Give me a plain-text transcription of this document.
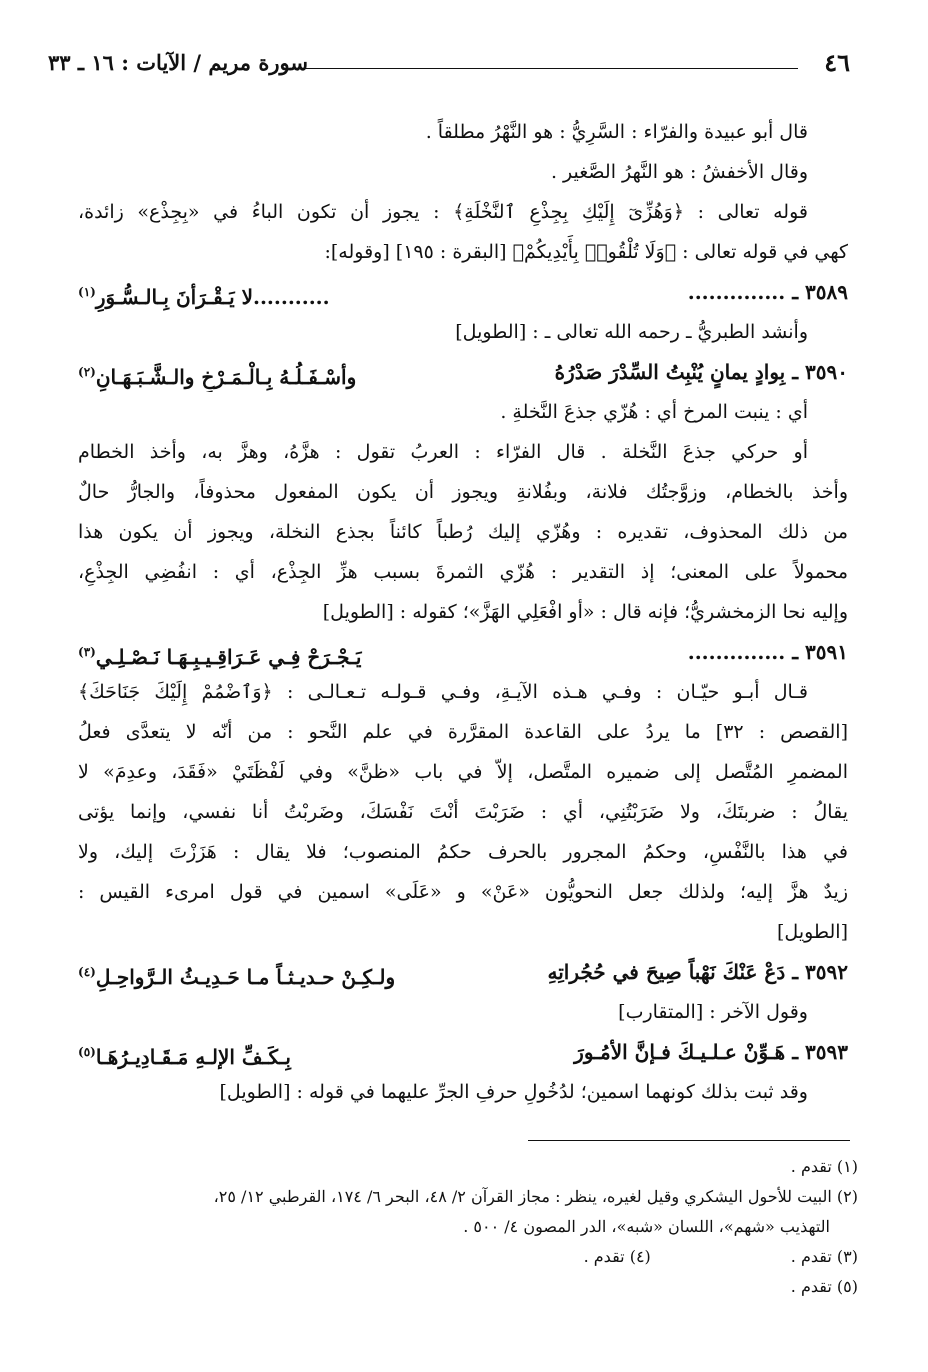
٤٦
سورة مريم / الآيات : ١٦ ـ ٣٣
قال أبو عبيدة والفرّاء : السَّرِيُّ : هو النَّهْرُ مطلقاً .
وقال الأخفشُ : هو النَّهرُ الصَّغير .
قوله تعالى : ﴿وَهُزِّىٓ إِلَيْكِ بِجِذْعِ ٱلنَّخْلَةِ﴾ : يجوز أن تكون الباءُ في «بِجِذْع» زائدة،
كهي في قوله تعالى : ﴿وَلَا تُلْقُوا۟ بِأَيْدِيكُمْ﴾ [البقرة : ١٩٥] [وقوله]:
٣٥٨٩ ـ ..............
...........لا يَـقْـرَأنَ بِـالـسُّـوَرِ$^{(١)}$
وأنشد الطبريُّ ـ رحمه الله تعالى ـ : [الطويل]
٣٥٩٠ ـ بِوادٍ يمانٍ يُنْبِتُ السِّدْرَ صَدْرُهُ
وأسْـفَـلُـهُ بِـالْـمَـرْخِ والـشَّـبَـهَـانِ$^{(٢)}$
أي : ينبت المرخ أي : هُزّي جذعَ النَّخلةِ .
أو حركي جذعَ النَّخلة . قال الفرّاء : العربُ تقول : هزَّهُ، وهزَّ به، وأخذ الخطام
وأخذ بالخطام، وزوَّجتُك فلانة، وبفُلانةِ ويجوز أن يكون المفعول محذوفاً، والجارُّ حالٌ
من ذلك المحذوف، تقديره : وهُزّي إليك رُطباً كائناً بجذع النخلة، ويجوز أن يكون هذا
محمولاً على المعنى؛ إذ التقدير : هُزّي الثمرةَ بسبب هزِّ الجِذْع، أي : انفُضِي الجِذْعِ،
وإليه نحا الزمخشريُّ؛ فإنه قال : «أو افْعَلِي الهَزَّ»؛ كقوله : [الطويل]
٣٥٩١ ـ ..............
يَـجْـرَحْ فِـي عَـرَاقِـيـبِـهَـا نَـصْـلِـي$^{(٣)}$
قـال أبـو حيّـان : وفـي هـذه الآيـةِ، وفـي قـولـه تـعـالـى : ﴿وَٱضْمُمْ إِلَيْكَ جَنَاحَكَ﴾
[القصص : ٣٢] ما يردُ على القاعدة المقرَّرة في علم النَّحو : من أنّه لا يتعدَّى فعلُ
المضمرِ المُتَّصل إلى ضميره المتَّصل، إلاّ في باب «ظنَّ» وفي لَفْظَتَيْ «فَقَدَ، وعدِمَ» لا
يقالُ : ضربتَكَ، ولا ضَرَبْتُنِي، أي : ضَرَبْتَ أنْتَ نَفْسَكَ، وضَربْتُ أنا نفسي، وإنما يؤتى
في هذا بالنَّفْسِ، وحكمُ المجرور بالحرف حكمُ المنصوب؛ فلا يقال : هَزَزْتَ إليك، ولا
زيدٌ هزَّ إليه؛ ولذلك جعل النحويُّون «عَنْ» و «عَلَى» اسمين في قول امرىء القيس :
[الطويل]
٣٥٩٢ ـ دَعْ عَنْكَ نَهْباً صِيحَ في حُجُراتِهِ
ولـكِـنْ حـديـثـاً مـا حَـدِيـثُ الـرَّواحِـلِ$^{(٤)}$
وقول الآخر : [المتقارب]
٣٥٩٣ ـ هَـوِّنْ عـلـيـكَ فـإنَّ الأمُـورَ
بِـكَـفِّ الإلـهِ مَـقَـادِيـرُهَـا$^{(٥)}$
وقد ثبت بذلك كونهما اسمين؛ لدُخُولِ حرفِ الجرِّ عليهما في قوله : [الطويل]
(١) تقدم .
(٢) البيت للأحول اليشكري وقيل لغيره، ينظر : مجاز القرآن ٢/ ٤٨، البحر ٦/ ١٧٤، القرطبي ١٢/ ٢٥،
التهذيب «شهم»، اللسان «شبه»، الدر المصون ٤/ ٥٠٠ .
(٣) تقدم .
(٤) تقدم .
(٥) تقدم .
